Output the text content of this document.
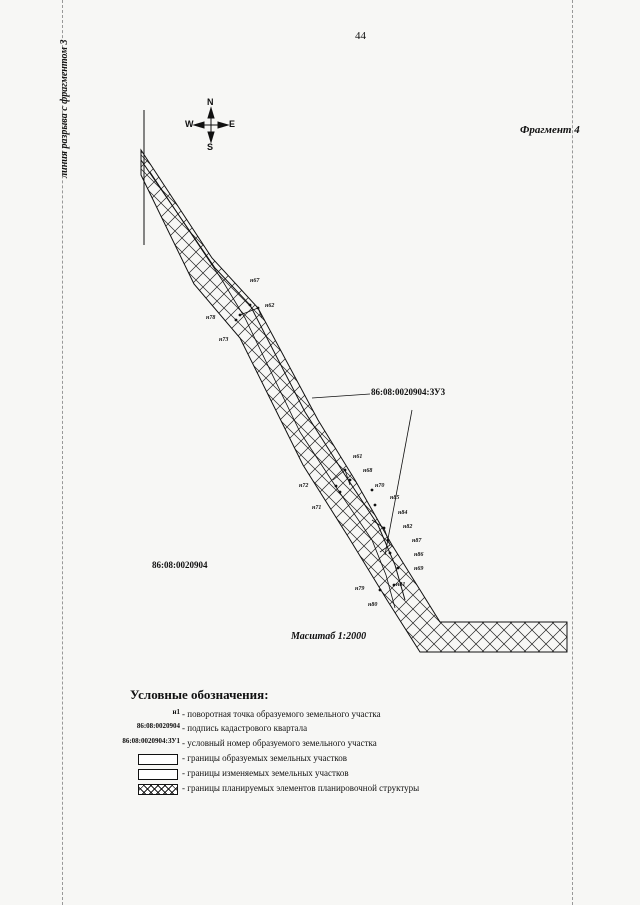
44
Фрагмент 4
линия разрыва с фрагментом 3	N
S
W	E
86:08:0020904:ЗУ3
86:08:0020904
Масштаб 1:2000
н67
н62
н78
н73
н61
н68
н72	н70
н85
н71
н84
н82
н87
н86
н69
н81
н79
н80
Условные обозначения:
н1 - поворотная точка образуемого земельного участка
86:08:0020904 - подпись кадастрового квартала
86:08:0020904:ЗУ1 - условный номер образуемого земельного участка
- границы образуемых земельных участков
- границы изменяемых земельных участков
- границы планируемых элементов планировочной структуры
